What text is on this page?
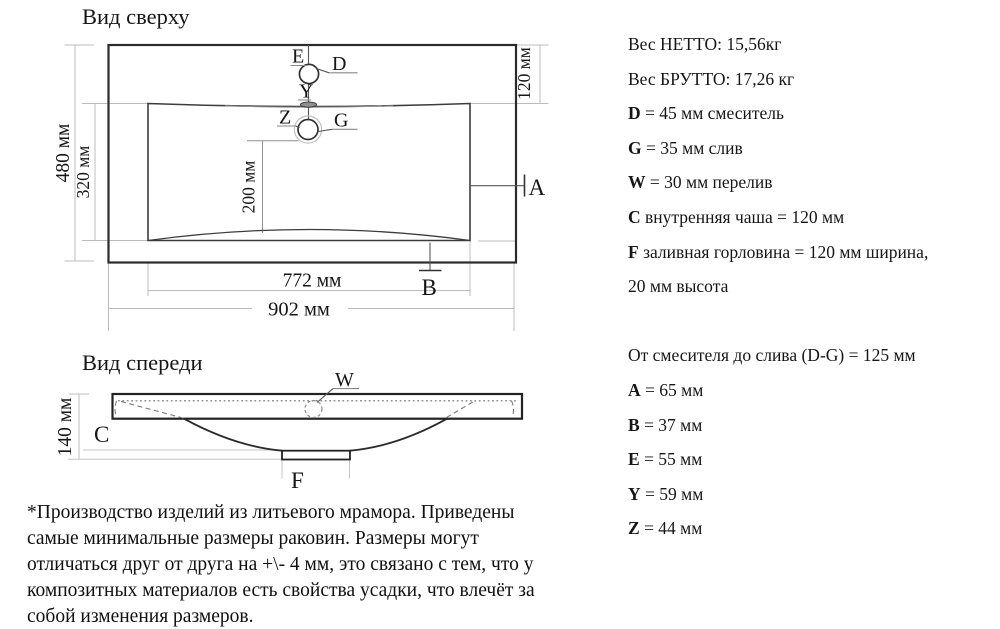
Вид сверху
E D
Y
Z G
A
B
480 мм 320 мм	200 мм
120 мм
772 мм
902 мм
Вид спереди
W
140 мм C
F
Вес НЕТТО: 15,56кг
Вес БРУТТО: 17,26 кг
D = 45 мм смеситель
G = 35 мм слив
W = 30 мм перелив
C внутренняя чаша = 120 мм
F заливная горловина = 120 мм ширина,
20 мм высота
От смесителя до слива (D-G) = 125 мм
A = 65 мм
B = 37 мм
E = 55 мм
Y = 59 мм
Z = 44 мм
*Производство изделий из литьевого мрамора. Приведены
самые минимальные размеры раковин. Размеры могут
отличаться друг от друга на +\- 4 мм, это связано с тем, что у
композитных материалов есть свойства усадки, что влечёт за
собой изменения размеров.
